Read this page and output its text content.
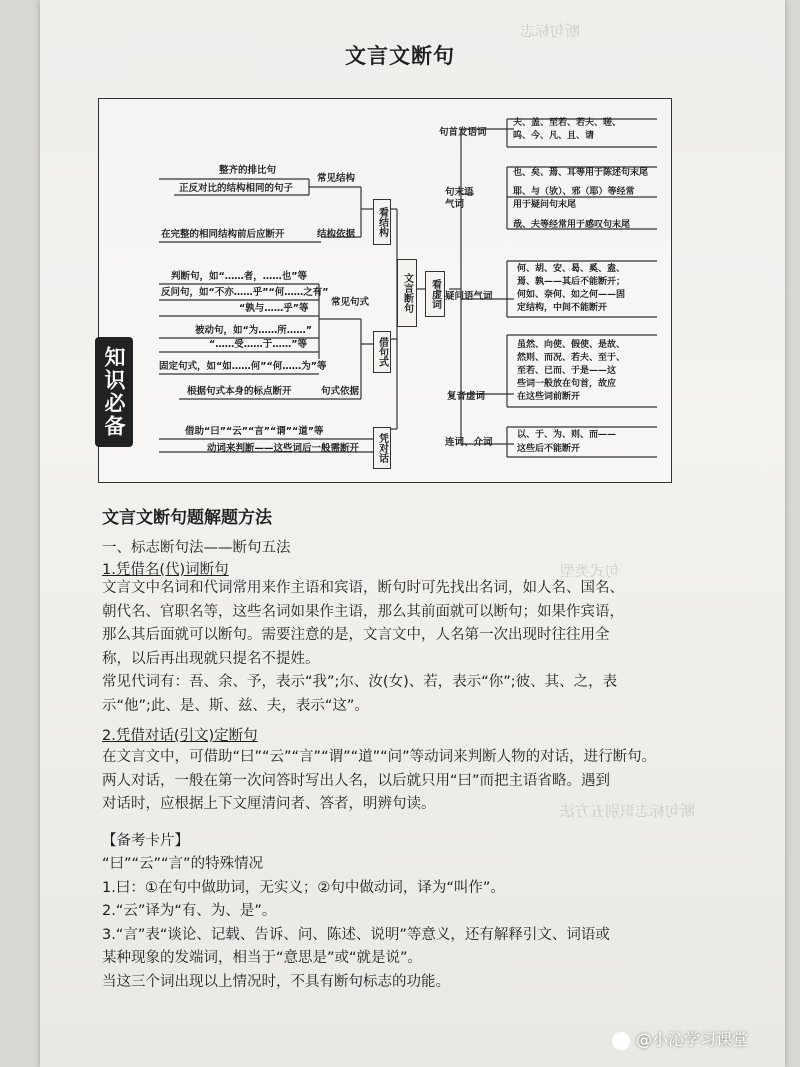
断句标志
句式类型
断句标志识别五方法
文言文断句
知识必备
看结构
文言断句	看虚词
借句式
凭对话
整齐的排比句
正反对比的结构相同的句子
常见结构
在完整的相同结构前后应断开	结构依据
判断句，如“……者，……也”等
反问句，如“不亦……乎”“何……之有”
“孰与……乎”等
常见句式
被动句，如“为……所……”
“……受……于……”等
固定句式，如“如……何”“何……为”等
根据句式本身的标点断开	句式依据
借助“曰”“云”“言”“谓”“道”等
动词来判断——这些词后一般需断开
句首发语词
句末语气词
疑问语气词
复音虚词
连词、介词
夫、盖、至若、若夫、嗟、
呜、今、凡、且、请
也、矣、焉、耳等用于陈述句末尾
耶、与（欤）、邪（耶）等经常
用于疑问句末尾
哉、夫等经常用于感叹句末尾
何、胡、安、曷、奚、盍、
焉、孰——其后不能断开；
何如、奈何、如之何——固
定结构，中间不能断开
虽然、向使、假使、是故、
然则、而况、若夫、至于、
至若、已而、于是——这
些词一般放在句首，故应
在这些词前断开
以、于、为、则、而——
这些后不能断开
文言文断句题解题方法
一、标志断句法——断句五法
1.凭借名(代)词断句
文言文中名词和代词常用来作主语和宾语，断句时可先找出名词，如人名、国名、
朝代名、官职名等，这些名词如果作主语，那么其前面就可以断句；如果作宾语，
那么其后面就可以断句。需要注意的是，文言文中，人名第一次出现时往往用全
称，以后再出现就只提名不提姓。
常见代词有：吾、余、予，表示“我”;尔、汝(女)、若，表示“你”;彼、其、之，表
示“他”;此、是、斯、兹、夫，表示“这”。
2.凭借对话(引文)定断句
在文言文中，可借助“曰”“云”“言”“谓”“道”“问”等动词来判断人物的对话，进行断句。
两人对话，一般在第一次问答时写出人名，以后就只用“曰”而把主语省略。遇到
对话时，应根据上下文厘清问者、答者，明辨句读。
【备考卡片】
“曰”“云”“言”的特殊情况
1.曰：①在句中做助词，无实义；②句中做动词，译为“叫作”。
2.“云”译为“有、为、是”。
3.“言”表“谈论、记载、告诉、问、陈述、说明”等意义，还有解释引文、词语或
某种现象的发端词，相当于“意思是”或“就是说”。
当这三个词出现以上情况时，不具有断句标志的功能。
@小沁学习课堂
